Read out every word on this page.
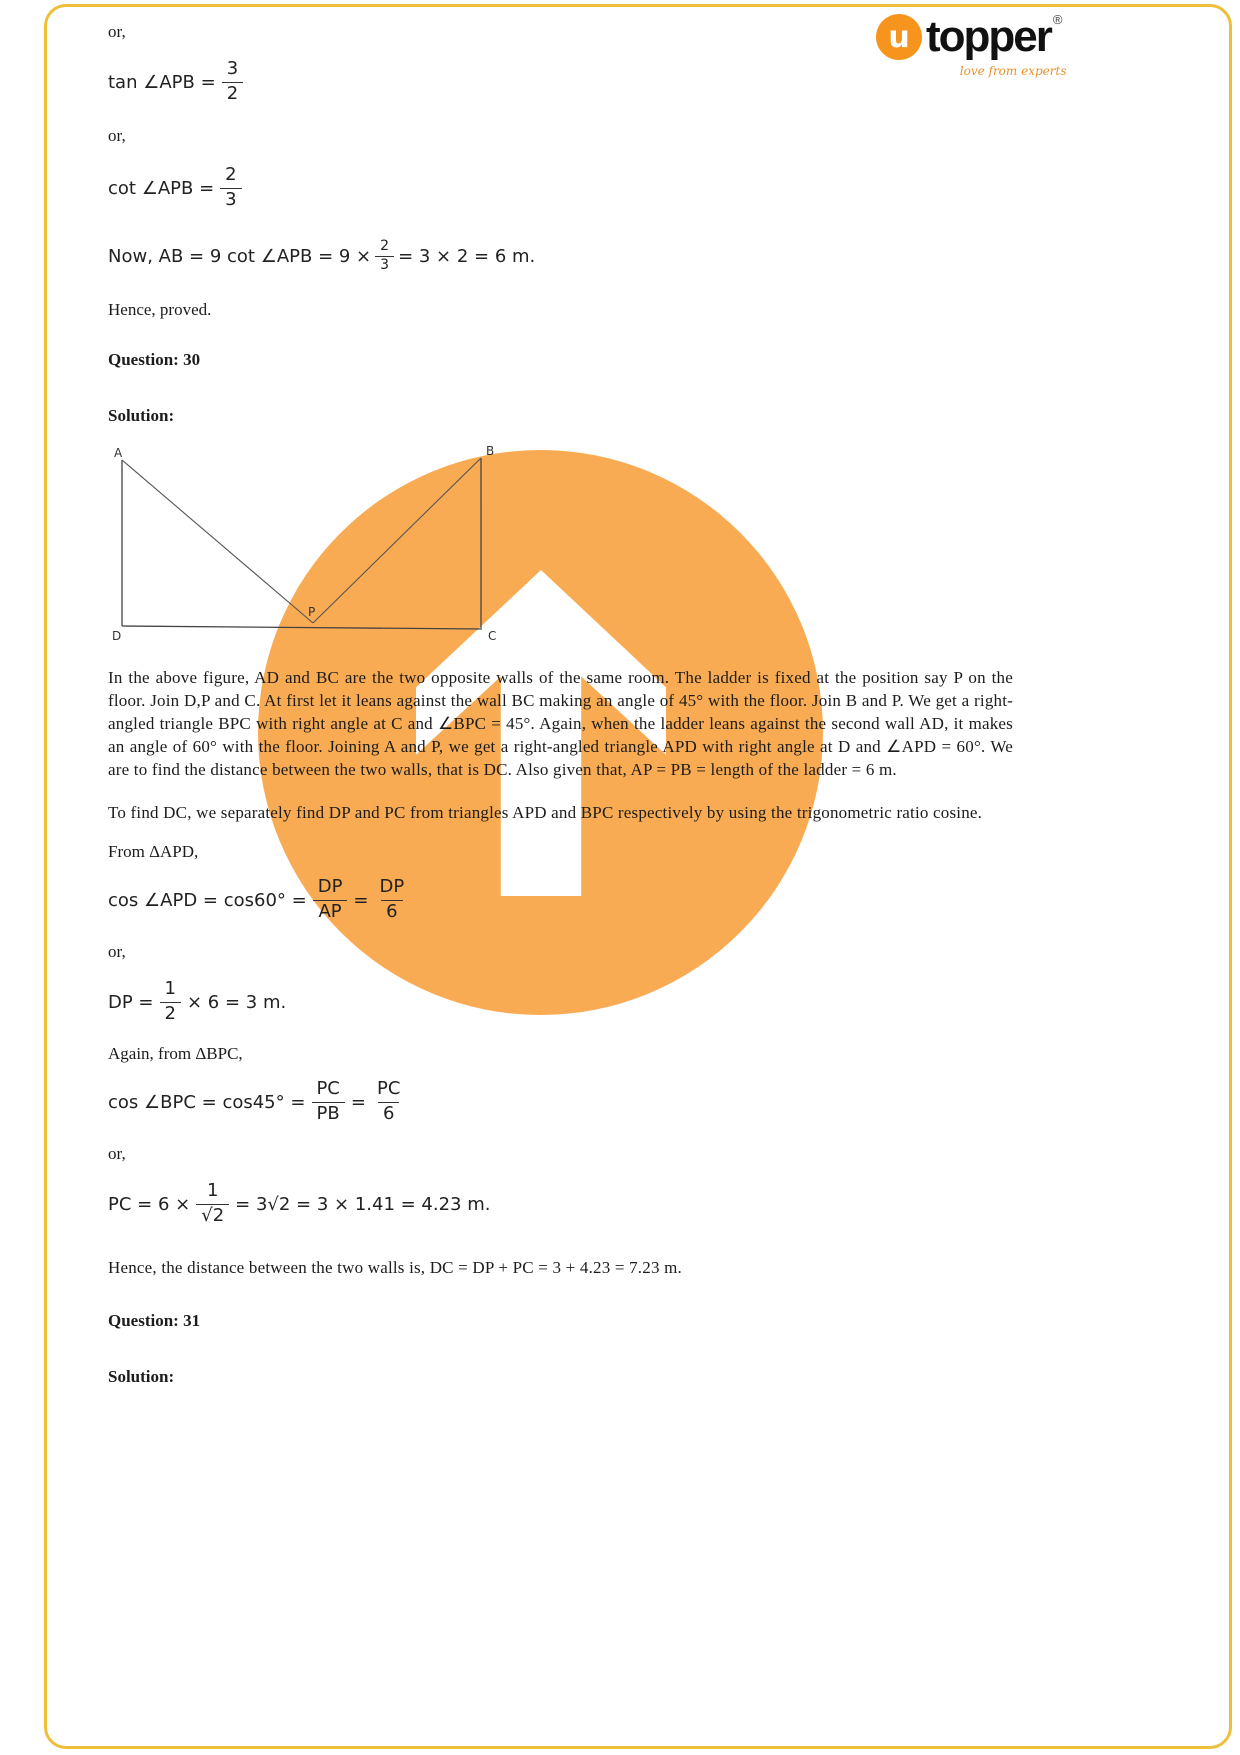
u topper ®
love from experts

or,

tan ∠APB = $\frac{3}{2}$

or,

cot ∠APB = $\frac{2}{3}$
Now, AB = 9 cot ∠APB = $9 \times \frac{2}{3} = 3 \times 2 = 6$ m.

Hence, proved.

Question: 30

Solution:

A	B
C
D
P

In the above figure, AD and BC are the two opposite walls of the same room. The ladder is fixed at the position say P on the floor. Join D,P and C. At first let it leans against the wall BC making an angle of 45° with the floor. Join B and P. We get a right-angled triangle BPC with right angle at C and ∠BPC = 45°. Again, when the ladder leans against the second wall AD, it makes an angle of 60° with the floor. Joining A and P, we get a right-angled triangle APD with right angle at D and ∠APD = 60°. We are to find the distance between the two walls, that is DC. Also given that, AP = PB = length of the ladder = 6 m.

To find DC, we separately find DP and PC from triangles APD and BPC respectively by using the trigonometric ratio cosine.

From ΔAPD,

cos ∠APD = $\cos 60^\circ = \frac{DP}{AP} = \frac{DP}{6}$

or,

DP = $\frac{1}{2} \times 6 = 3$ m.

Again, from ΔBPC,

cos ∠BPC = $\cos 45^\circ = \frac{PC}{PB} = \frac{PC}{6}$

or,

PC = $6 \times \frac{1}{√2} = 3√2 = 3 \times 1.41 = 4.23$ m.

Hence, the distance between the two walls is, DC = DP + PC = 3 + 4.23 = 7.23 m.

Question: 31

Solution:
